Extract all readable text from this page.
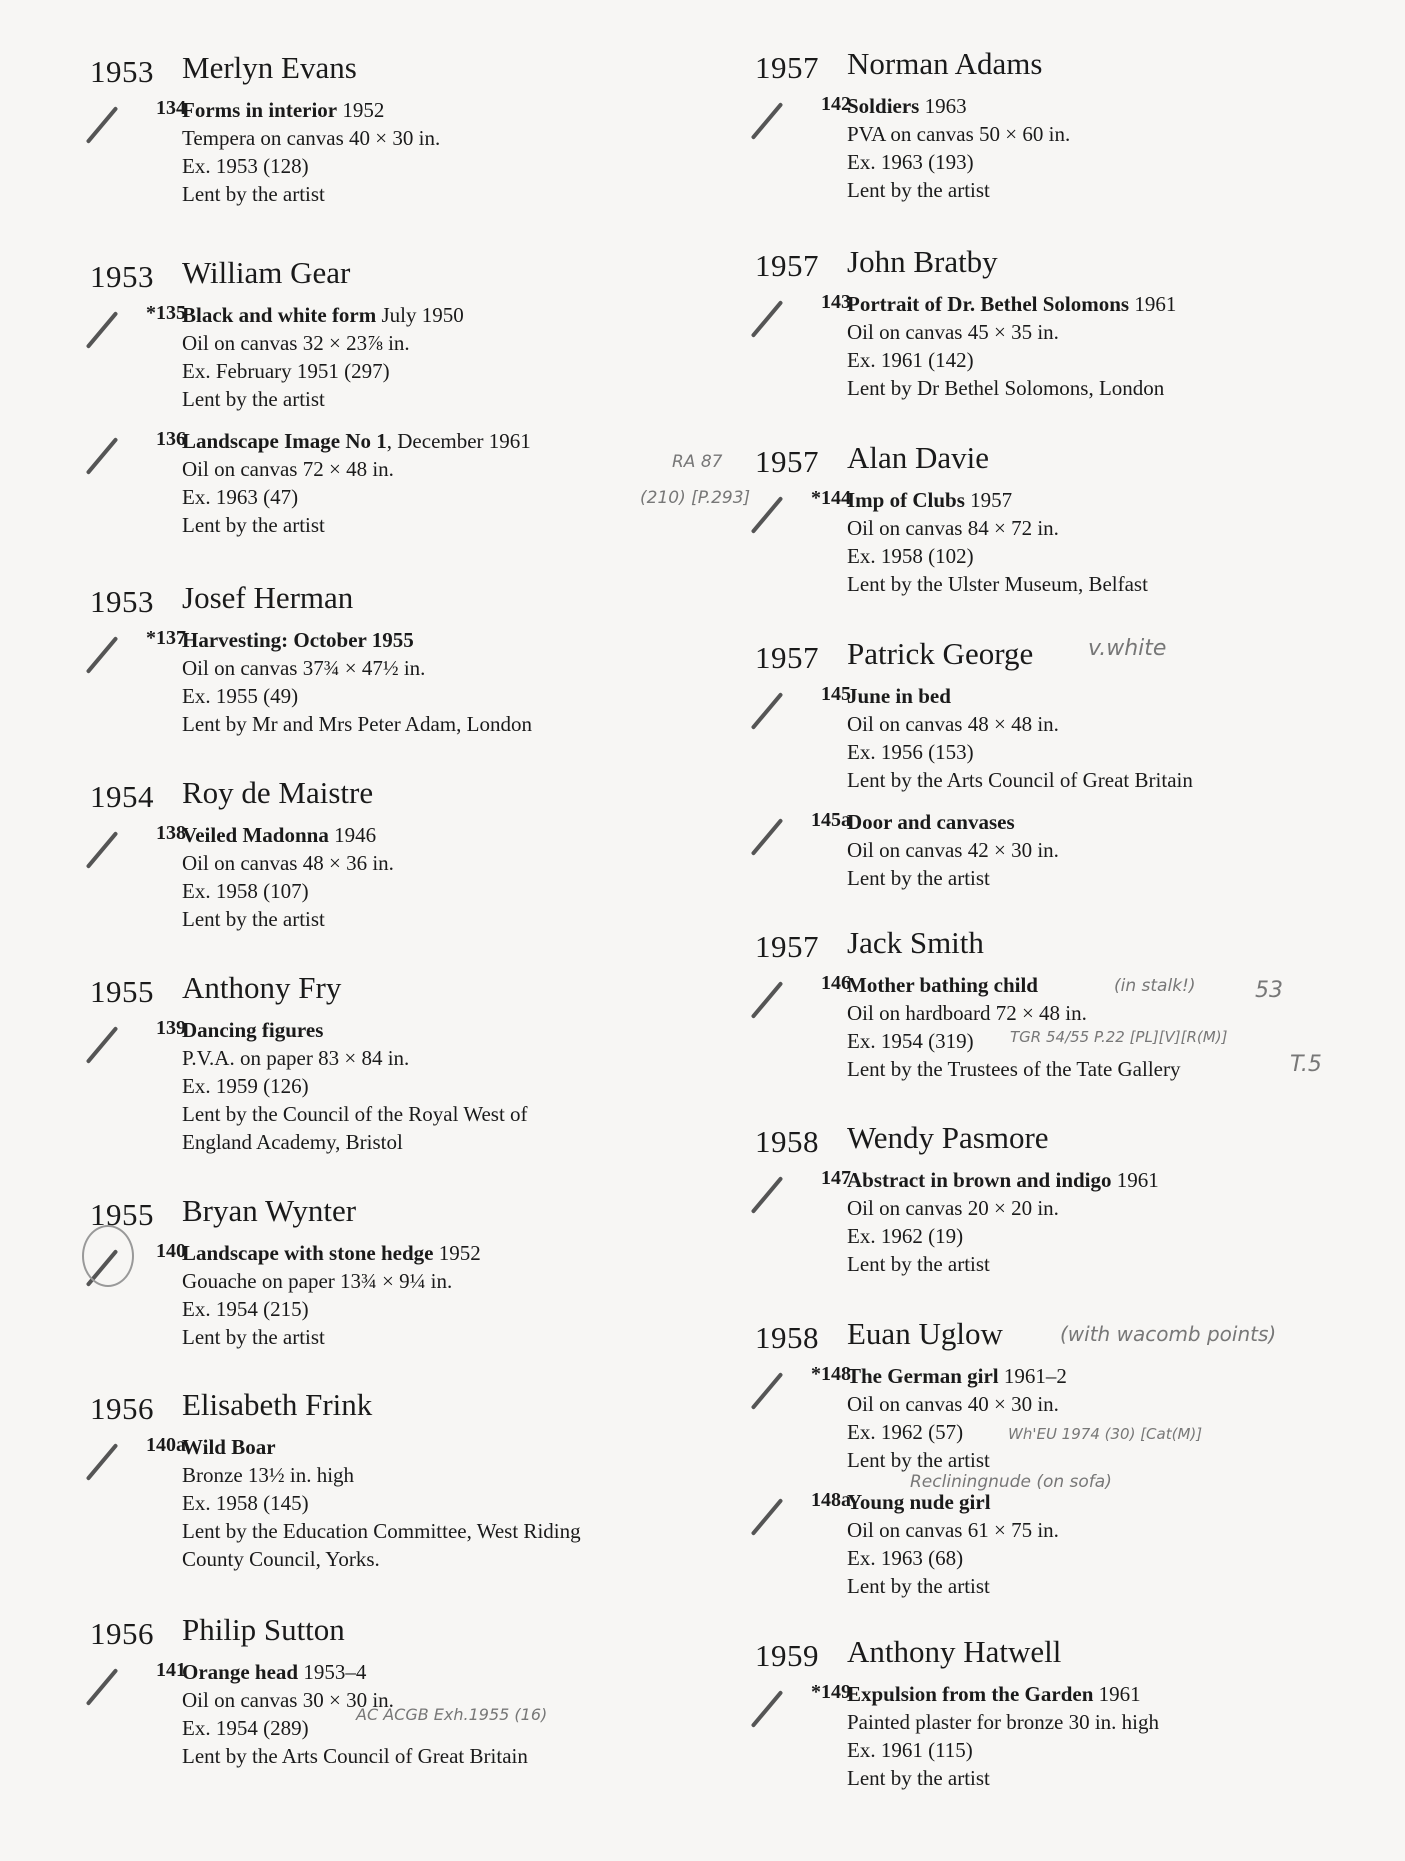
1953 Merlyn Evans
134
Forms in interior 1952
Tempera on canvas 40 × 30 in.
Ex. 1953 (128)
Lent by the artist
1953 William Gear
*135
Black and white form July 1950
Oil on canvas 32 × 23⅞ in.
Ex. February 1951 (297)
Lent by the artist
136
Landscape Image No 1, December 1961
Oil on canvas 72 × 48 in.
Ex. 1963 (47)
Lent by the artist
1953 Josef Herman
*137
Harvesting: October 1955
Oil on canvas 37¾ × 47½ in.
Ex. 1955 (49)
Lent by Mr and Mrs Peter Adam, London
1954 Roy de Maistre
138
Veiled Madonna 1946
Oil on canvas 48 × 36 in.
Ex. 1958 (107)
Lent by the artist
1955 Anthony Fry
139
Dancing figures
P.V.A. on paper 83 × 84 in.
Ex. 1959 (126)
Lent by the Council of the Royal West of
England Academy, Bristol
1955 Bryan Wynter
140
Landscape with stone hedge 1952
Gouache on paper 13¾ × 9¼ in.
Ex. 1954 (215)
Lent by the artist
1956 Elisabeth Frink
140a
Wild Boar
Bronze 13½ in. high
Ex. 1958 (145)
Lent by the Education Committee, West Riding
County Council, Yorks.
1956 Philip Sutton
141
Orange head 1953–4
Oil on canvas 30 × 30 in.
Ex. 1954 (289)
Lent by the Arts Council of Great Britain
1957 Norman Adams
142
Soldiers 1963
PVA on canvas 50 × 60 in.
Ex. 1963 (193)
Lent by the artist
1957 John Bratby
143
Portrait of Dr. Bethel Solomons 1961
Oil on canvas 45 × 35 in.
Ex. 1961 (142)
Lent by Dr Bethel Solomons, London
1957 Alan Davie
*144
Imp of Clubs 1957
Oil on canvas 84 × 72 in.
Ex. 1958 (102)
Lent by the Ulster Museum, Belfast
1957 Patrick George
145
June in bed
Oil on canvas 48 × 48 in.
Ex. 1956 (153)
Lent by the Arts Council of Great Britain
145a
Door and canvases
Oil on canvas 42 × 30 in.
Lent by the artist
1957 Jack Smith
146
Mother bathing child
Oil on hardboard 72 × 48 in.
Ex. 1954 (319)
Lent by the Trustees of the Tate Gallery
1958 Wendy Pasmore
147
Abstract in brown and indigo 1961
Oil on canvas 20 × 20 in.
Ex. 1962 (19)
Lent by the artist
1958 Euan Uglow
*148
The German girl 1961–2
Oil on canvas 40 × 30 in.
Ex. 1962 (57)
Lent by the artist
148a
Young nude girl
Oil on canvas 61 × 75 in.
Ex. 1963 (68)
Lent by the artist
1959 Anthony Hatwell
*149
Expulsion from the Garden 1961
Painted plaster for bronze 30 in. high
Ex. 1961 (115)
Lent by the artist
RA 87
(210) [P.293]
v.white
(in stalk!)	53
TGR 54/55 P.22 [PL][V][R(M)]
T.5
(with wacomb points)
Wh'EU 1974 (30) [Cat(M)]
Recliningnude (on sofa)
AC ACGB Exh.1955 (16)
